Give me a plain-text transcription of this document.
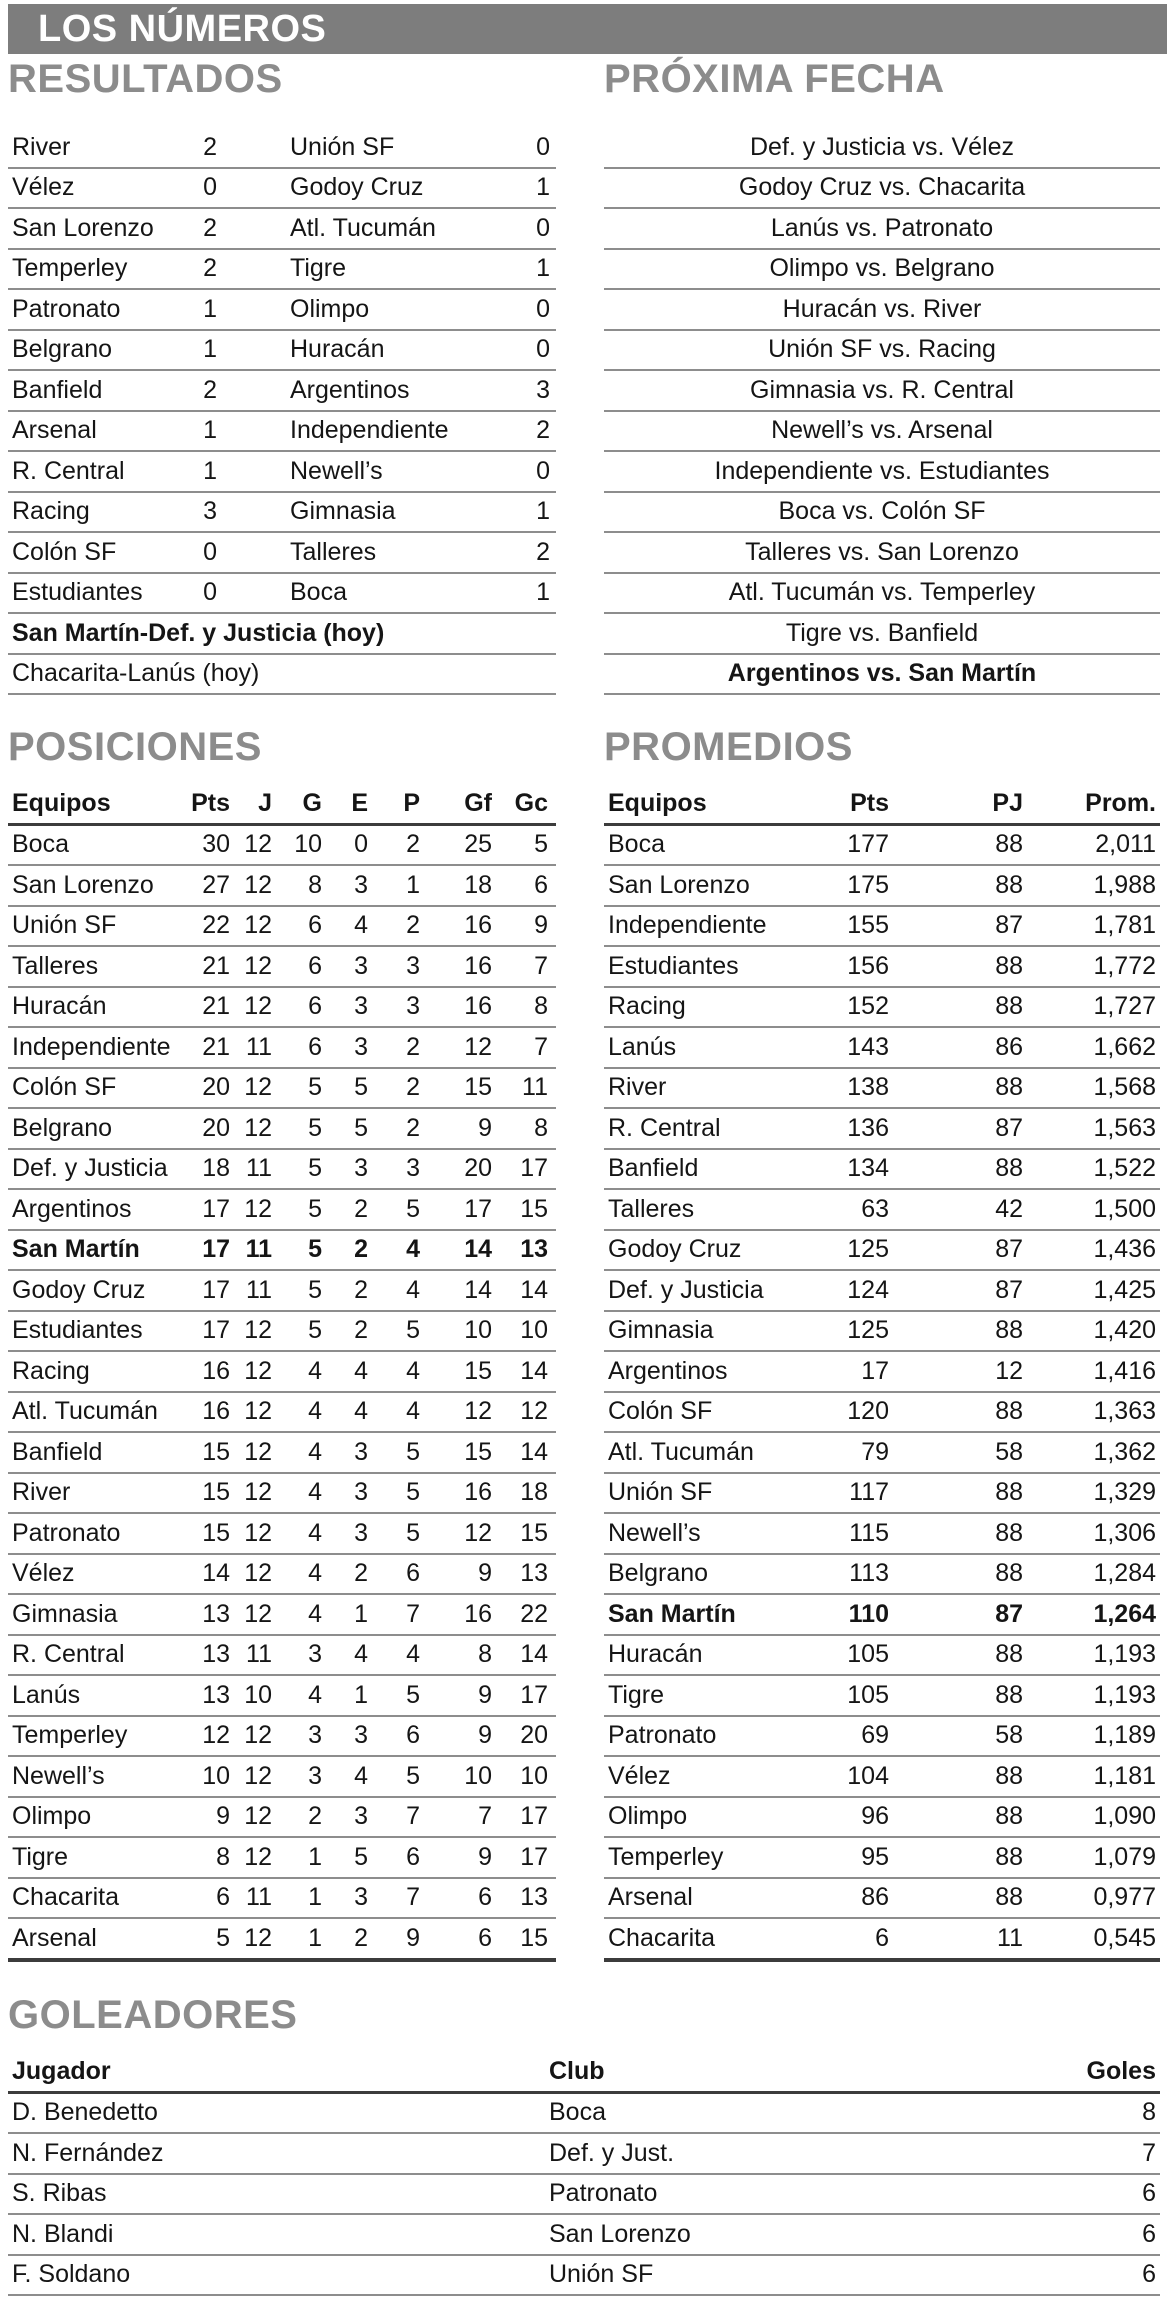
LOS NÚMEROS
RESULTADOS
River	2	Unión SF	0
Vélez	0	Godoy Cruz	1
San Lorenzo	2	Atl. Tucumán	0
Temperley	2	Tigre	1
Patronato	1	Olimpo	0
Belgrano	1	Huracán	0
Banfield	2	Argentinos	3
Arsenal	1	Independiente	2
R. Central	1	Newell’s	0
Racing	3	Gimnasia	1
Colón SF	0	Talleres	2
Estudiantes	0	Boca	1
San Martín-Def. y Justicia (hoy)
Chacarita-Lanús (hoy)
PRÓXIMA FECHA
Def. y Justicia vs. Vélez
Godoy Cruz vs. Chacarita
Lanús vs. Patronato
Olimpo vs. Belgrano
Huracán vs. River
Unión SF vs. Racing
Gimnasia vs. R. Central
Newell’s vs. Arsenal
Independiente vs. Estudiantes
Boca vs. Colón SF
Talleres vs. San Lorenzo
Atl. Tucumán vs. Temperley
Tigre vs. Banfield
Argentinos vs. San Martín
POSICIONES
Equipos	Pts	J	G	E	P	Gf Gc
Boca	30 12 10	0	2	25	5
San Lorenzo	27 12	8	3	1	18	6
Unión SF	22 12	6	4	2	16	9
Talleres	21 12	6	3	3	16	7
Huracán	21 12	6	3	3	16	8
Independiente	21 11	6	3	2	12	7
Colón SF	20 12	5	5	2	15	11
Belgrano	20 12	5	5	2	9	8
Def. y Justicia	18 11	5	3	3	20	17
Argentinos	17 12	5	2	5	17	15
San Martín	17 11	5	2	4	14	13
Godoy Cruz	17 11	5	2	4	14	14
Estudiantes	17 12	5	2	5	10	10
Racing	16 12	4	4	4	15	14
Atl. Tucumán	16 12	4	4	4	12	12
Banfield	15 12	4	3	5	15	14
River	15 12	4	3	5	16	18
Patronato	15 12	4	3	5	12	15
Vélez	14 12	4	2	6	9	13
Gimnasia	13 12	4	1	7	16	22
R. Central	13 11	3	4	4	8	14
Lanús	13 10	4	1	5	9	17
Temperley	12 12	3	3	6	9	20
Newell’s	10 12	3	4	5	10	10
Olimpo	9 12	2	3	7	7	17
Tigre	8 12	1	5	6	9	17
Chacarita	6 11	1	3	7	6	13
Arsenal	5 12	1	2	9	6	15
PROMEDIOS
Equipos	Pts	PJ	Prom.
Boca	177	88	2,011
San Lorenzo	175	88	1,988
Independiente	155	87	1,781
Estudiantes	156	88	1,772
Racing	152	88	1,727
Lanús	143	86	1,662
River	138	88	1,568
R. Central	136	87	1,563
Banfield	134	88	1,522
Talleres	63	42	1,500
Godoy Cruz	125	87	1,436
Def. y Justicia	124	87	1,425
Gimnasia	125	88	1,420
Argentinos	17	12	1,416
Colón SF	120	88	1,363
Atl. Tucumán	79	58	1,362
Unión SF	117	88	1,329
Newell’s	115	88	1,306
Belgrano	113	88	1,284
San Martín	110	87	1,264
Huracán	105	88	1,193
Tigre	105	88	1,193
Patronato	69	58	1,189
Vélez	104	88	1,181
Olimpo	96	88	1,090
Temperley	95	88	1,079
Arsenal	86	88	0,977
Chacarita	6	11	0,545
GOLEADORES
Jugador	Club	Goles
D. Benedetto	Boca	8
N. Fernández	Def. y Just.	7
S. Ribas	Patronato	6
N. Blandi	San Lorenzo	6
F. Soldano	Unión SF	6
